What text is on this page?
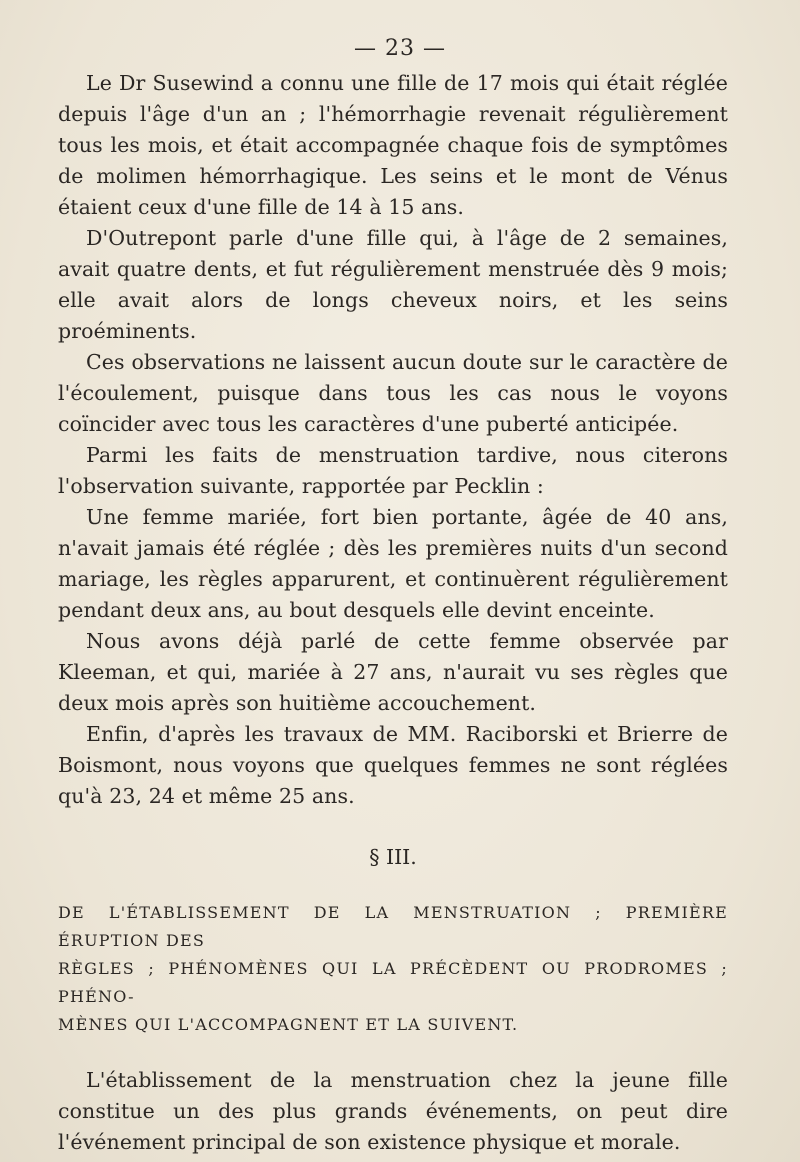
— 23 —

Le Dr Susewind a connu une fille de 17 mois qui était réglée depuis l'âge d'un an ; l'hémorrhagie revenait régulièrement tous les mois, et était accompagnée chaque fois de symptômes de molimen hémorrhagique. Les seins et le mont de Vénus étaient ceux d'une fille de 14 à 15 ans.

D'Outrepont parle d'une fille qui, à l'âge de 2 semaines, avait quatre dents, et fut régulièrement menstruée dès 9 mois; elle avait alors de longs cheveux noirs, et les seins proéminents.

Ces observations ne laissent aucun doute sur le caractère de l'écoulement, puisque dans tous les cas nous le voyons coïncider avec tous les caractères d'une puberté anticipée.

Parmi les faits de menstruation tardive, nous citerons l'observation suivante, rapportée par Pecklin :

Une femme mariée, fort bien portante, âgée de 40 ans, n'avait jamais été réglée ; dès les premières nuits d'un second mariage, les règles apparurent, et continuèrent régulièrement pendant deux ans, au bout desquels elle devint enceinte.

Nous avons déjà parlé de cette femme observée par Kleeman, et qui, mariée à 27 ans, n'aurait vu ses règles que deux mois après son huitième accouchement.

Enfin, d'après les travaux de MM. Raciborski et Brierre de Boismont, nous voyons que quelques femmes ne sont réglées qu'à 23, 24 et même 25 ans.

§ III.
DE L'ÉTABLISSEMENT DE LA MENSTRUATION ; PREMIÈRE ÉRUPTION DES
RÈGLES ; PHÉNOMÈNES QUI LA PRÉCÈDENT OU PRODROMES ; PHÉNO-
MÈNES QUI L'ACCOMPAGNENT ET LA SUIVENT.

L'établissement de la menstruation chez la jeune fille constitue un des plus grands événements, on peut dire l'événement principal de son existence physique et morale.
